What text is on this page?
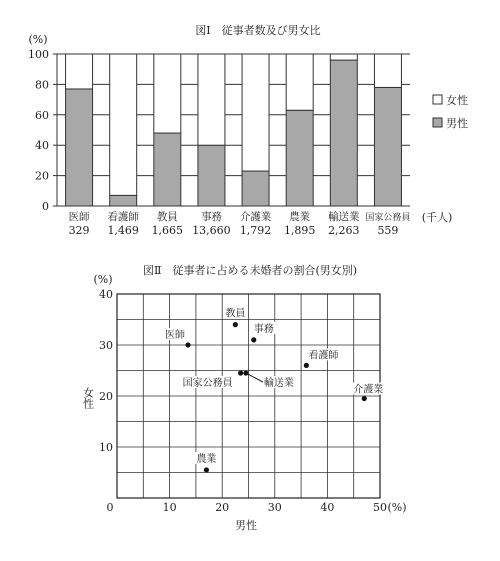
図Ⅰ　従事者数及び男女比
(%)
0
20
40
60
80
100
医師
329
看護師
1,469
教員
1,665
事務
13,660
介護業
1,792
農業
1,895
輸送業
2,263
国家公務員
559
(千人)
女性
男性
図Ⅱ　従事者に占める未婚者の割合(男女別)
(%)
(%)
男性
女性
0	10	20	30	40	50
10
20
30
40
医師
教員
事務
看護師
国家公務員	輸送業
介護業
農業
